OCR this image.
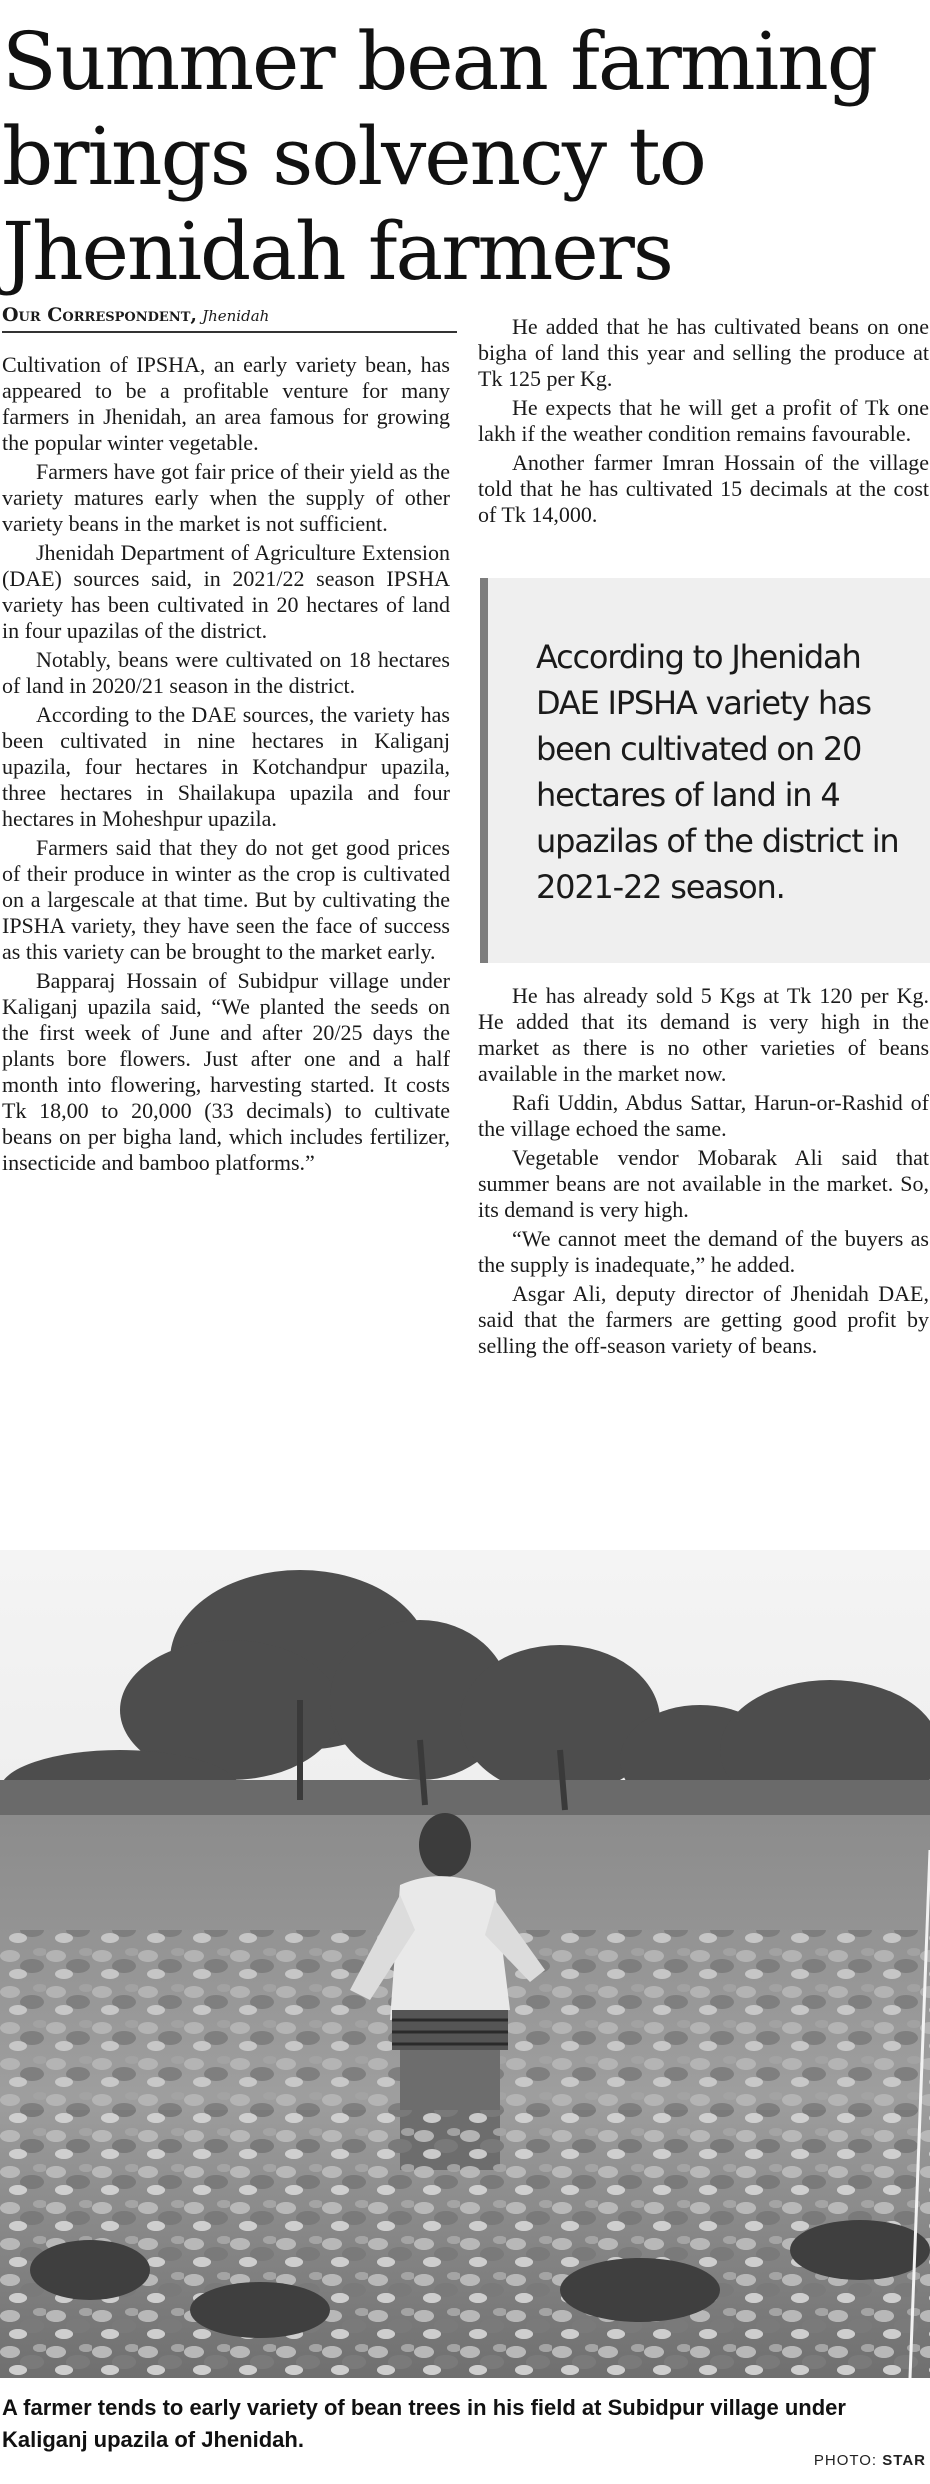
Summer bean farming brings solvency to Jhenidah farmers
Our Correspondent, Jhenidah

Cultivation of IPSHA, an early variety bean, has appeared to be a profitable venture for many farmers in Jhenidah, an area famous for growing the popular winter vegetable.

Farmers have got fair price of their yield as the variety matures early when the supply of other variety beans in the market is not sufficient.

Jhenidah Department of Agriculture Extension (DAE) sources said, in 2021/22 season IPSHA variety has been cultivated in 20 hectares of land in four upazilas of the district.

Notably, beans were cultivated on 18 hectares of land in 2020/21 season in the district.

According to the DAE sources, the variety has been cultivated in nine hectares in Kaliganj upazila, four hectares in Kotchandpur upazila, three hectares in Shailakupa upazila and four hectares in Moheshpur upazila.

Farmers said that they do not get good prices of their produce in winter as the crop is cultivated on a largescale at that time. But by cultivating the IPSHA variety, they have seen the face of success as this variety can be brought to the market early.

Bapparaj Hossain of Subidpur village under Kaliganj upazila said, “We planted the seeds on the first week of June and after 20/25 days the plants bore flowers. Just after one and a half month into flowering, harvesting started. It costs Tk 18,00 to 20,000 (33 decimals) to cultivate beans on per bigha land, which includes fertilizer, insecticide and bamboo platforms.”

He added that he has cultivated beans on one bigha of land this year and selling the produce at Tk 125 per Kg.

He expects that he will get a profit of Tk one lakh if the weather condition remains favourable.

Another farmer Imran Hossain of the village told that he has cultivated 15 decimals at the cost of Tk 14,000.

According to Jhenidah DAE IPSHA variety has been cultivated on 20 hectares of land in 4 upazilas of the district in 2021-22 season.

He has already sold 5 Kgs at Tk 120 per Kg. He added that its demand is very high in the market as there is no other varieties of beans available in the market now.

Rafi Uddin, Abdus Sattar, Harun-or-Rashid of the village echoed the same.

Vegetable vendor Mobarak Ali said that summer beans are not available in the market. So, its demand is very high.

“We cannot meet the demand of the buyers as the supply is inadequate,” he added.

Asgar Ali, deputy director of Jhenidah DAE, said that the farmers are getting good profit by selling the off-season variety of beans.

A farmer tends to early variety of bean trees in his field at Subidpur village under Kaliganj upazila of Jhenidah.

PHOTO: STAR
